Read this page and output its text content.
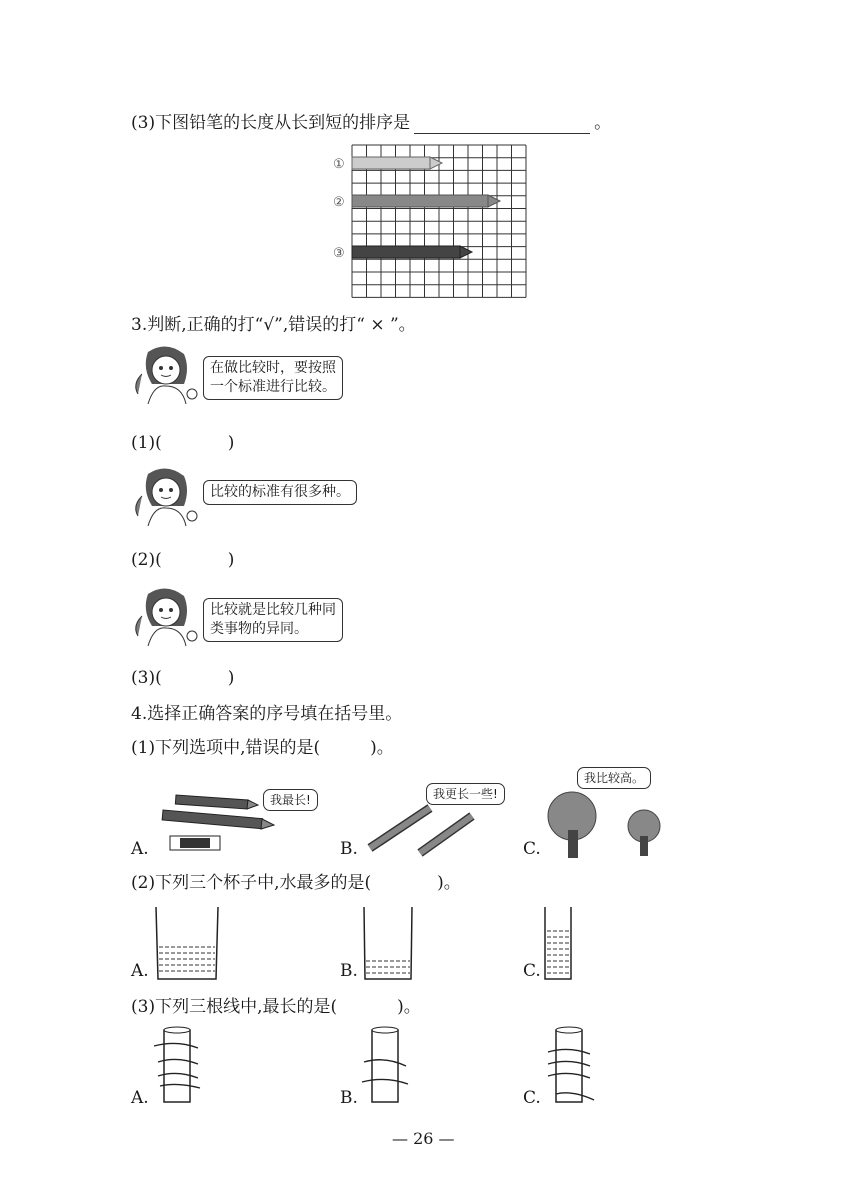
(3)下图铅笔的长度从长到短的排序是	。
①
②
③
3.判断,正确的打“√”,错误的打“ × ”。
在做比较时，要按照
一个标准进行比较。
(1)(	)
比较的标准有很多种。
(2)(	)
比较就是比较几种同
类事物的异同。
(3)(	)
4.选择正确答案的序号填在括号里。
(1)下列选项中,错误的是(	)。
我最长!	我更长一些!
我比较高。
A.	B.	C.
(2)下列三个杯子中,水最多的是(	)。
A.	B.	C.
(3)下列三根线中,最长的是(	)。
A.	B.	C.
— 26 —
